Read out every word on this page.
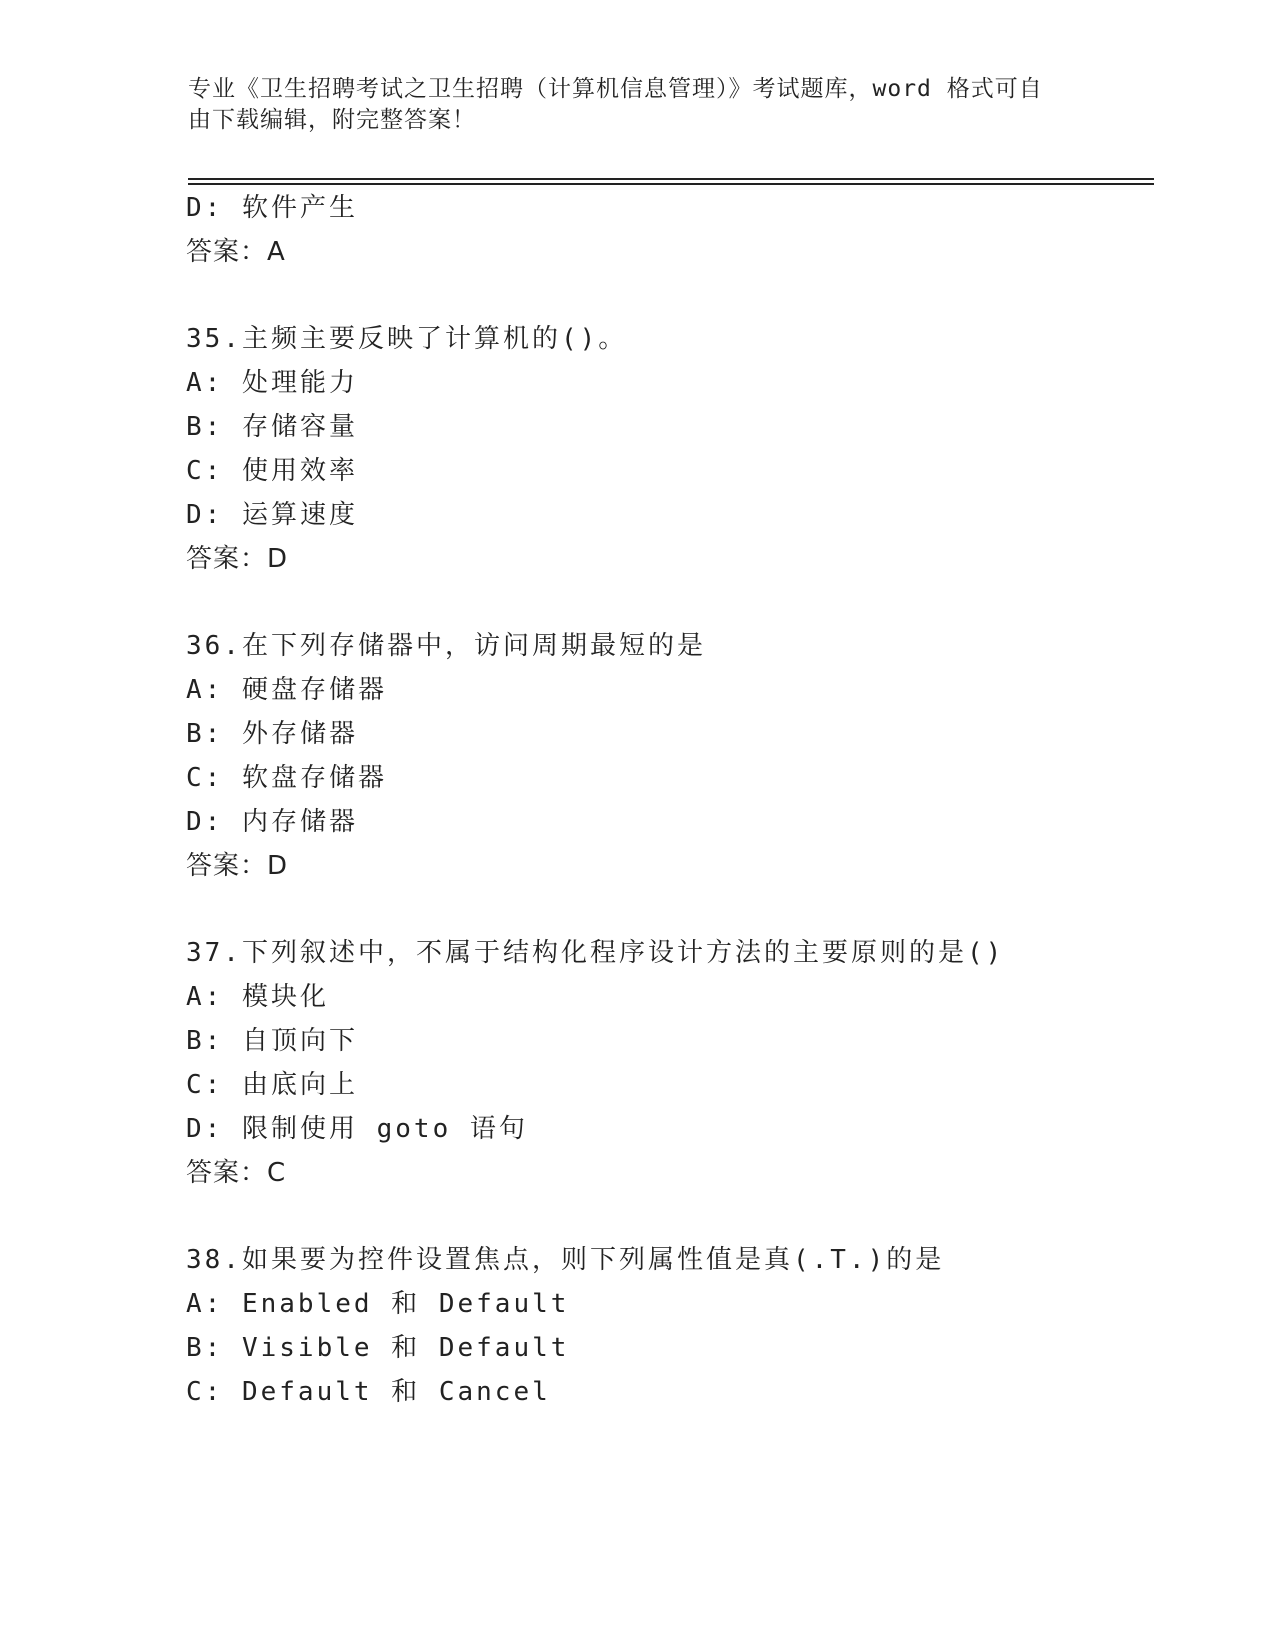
专业《卫生招聘考试之卫生招聘（计算机信息管理）》考试题库，word 格式可自
由下载编辑，附完整答案！
D: 软件产生
答案：A
35.主频主要反映了计算机的()。
A: 处理能力
B: 存储容量
C: 使用效率
D: 运算速度
答案：D
36.在下列存储器中，访问周期最短的是
A: 硬盘存储器
B: 外存储器
C: 软盘存储器
D: 内存储器
答案：D
37.下列叙述中，不属于结构化程序设计方法的主要原则的是()
A: 模块化
B: 自顶向下
C: 由底向上
D: 限制使用 goto 语句
答案：C
38.如果要为控件设置焦点，则下列属性值是真(.T.)的是
A: Enabled 和 Default
B: Visible 和 Default
C: Default 和 Cancel
